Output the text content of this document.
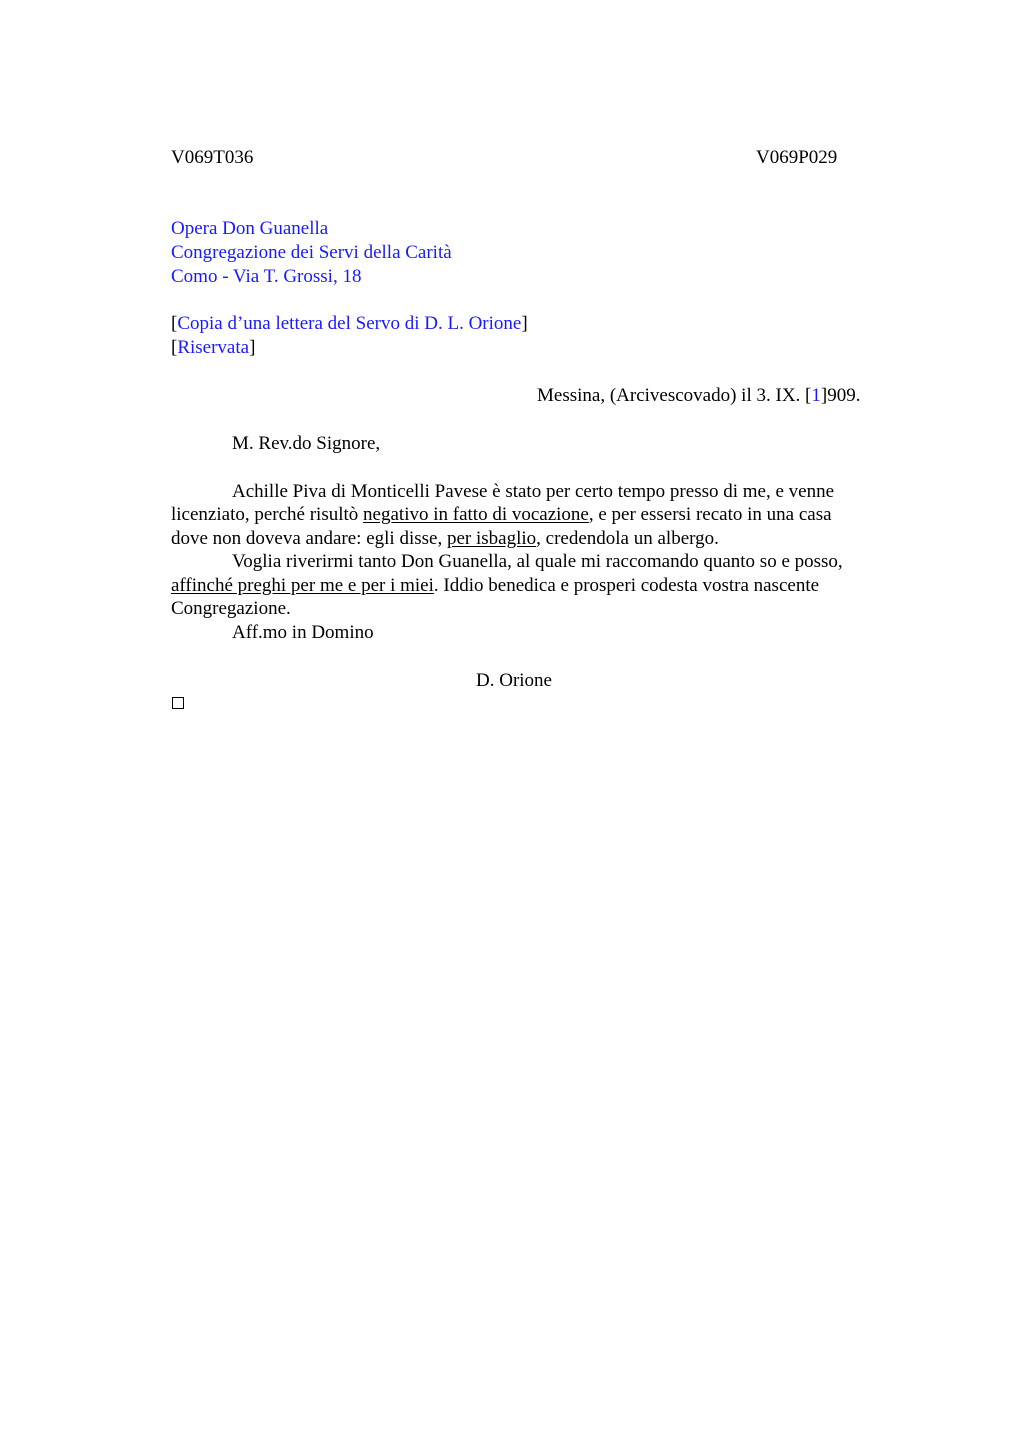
V069T036	V069P029
Opera Don Guanella
Congregazione dei Servi della Carità
Como - Via T. Grossi, 18
[Copia d’una lettera del Servo di D. L. Orione]
[Riservata]
Messina, (Arcivescovado) il 3. IX. [1]909.
M. Rev.do Signore,
Achille Piva di Monticelli Pavese è stato per certo tempo presso di me, e venne
licenziato, perché risultò negativo in fatto di vocazione, e per essersi recato in una casa
dove non doveva andare: egli disse, per isbaglio, credendola un albergo.
Voglia riverirmi tanto Don Guanella, al quale mi raccomando quanto so e posso,
affinché preghi per me e per i miei. Iddio benedica e prosperi codesta vostra nascente
Congregazione.
Aff.mo in Domino
D. Orione
